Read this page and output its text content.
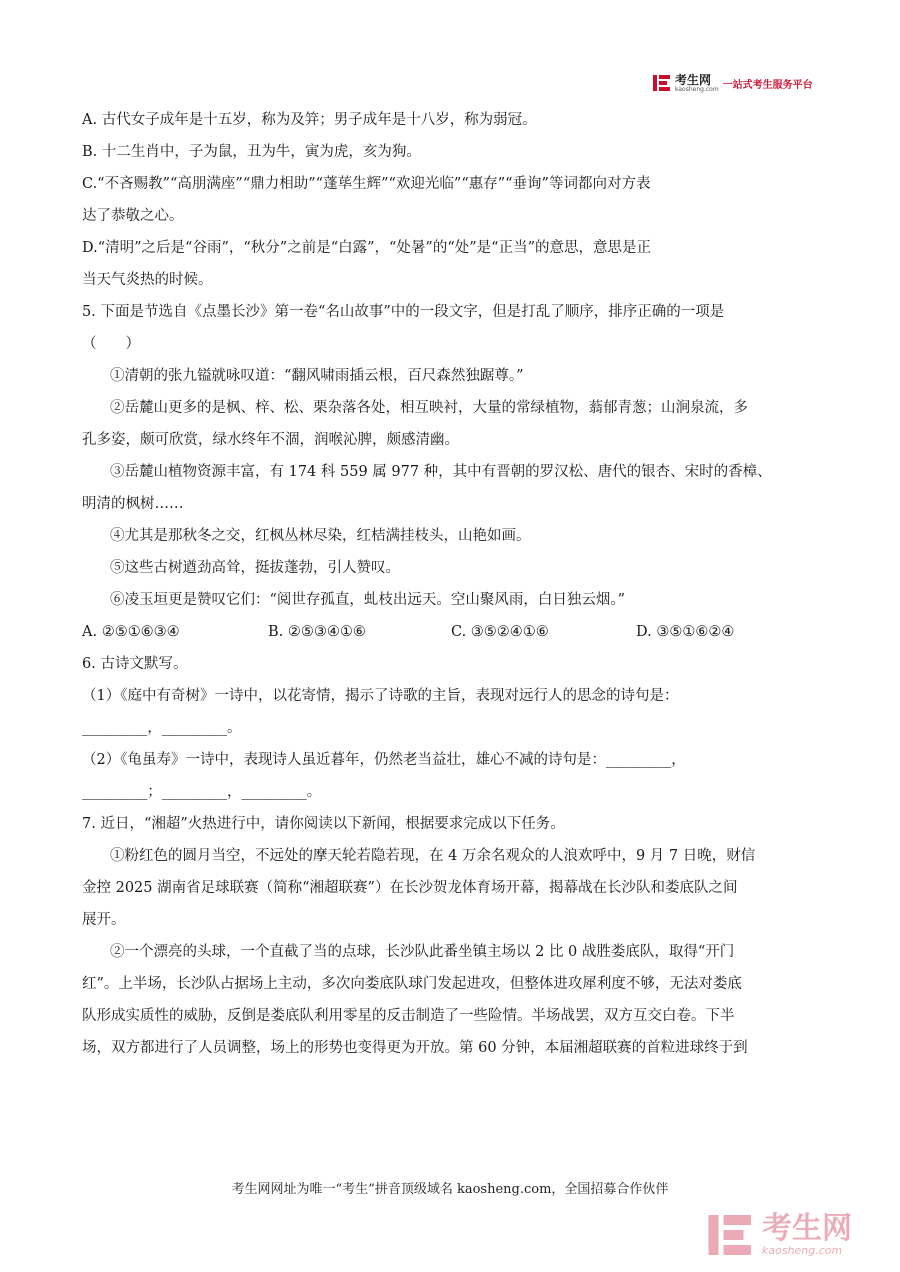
考生网
kaosheng.com 一站式考生服务平台
A. 古代女子成年是十五岁，称为及笄；男子成年是十八岁，称为弱冠。
B. 十二生肖中，子为鼠，丑为牛，寅为虎，亥为狗。
C.“不吝赐教”“高朋满座”“鼎力相助”“蓬荜生辉”“欢迎光临”“惠存”“垂询”等词都向对方表
达了恭敬之心。
D.“清明”之后是“谷雨”，“秋分”之前是“白露”，“处暑”的“处”是“正当”的意思，意思是正
当天气炎热的时候。
5. 下面是节选自《点墨长沙》第一卷“名山故事”中的一段文字，但是打乱了顺序，排序正确的一项是
（　　）
①清朝的张九镒就咏叹道：“翻风啸雨插云根，百尺森然独踞尊。”
②岳麓山更多的是枫、梓、松、栗杂落各处，相互映衬，大量的常绿植物，蓊郁青葱；山涧泉流，多
孔多姿，颇可欣赏，绿水终年不涸，润喉沁脾，颇感清幽。
③岳麓山植物资源丰富，有 174 科 559 属 977 种，其中有晋朝的罗汉松、唐代的银杏、宋时的香樟、
明清的枫树……
④尤其是那秋冬之交，红枫丛林尽染，红桔满挂枝头，山艳如画。
⑤这些古树遒劲高耸，挺拔蓬勃，引人赞叹。
⑥凌玉垣更是赞叹它们：“阅世存孤直，虬枝出远天。空山聚风雨，白日独云烟。”
A. ②⑤①⑥③④	B. ②⑤③④①⑥	C. ③⑤②④①⑥	D. ③⑤①⑥②④
6. 古诗文默写。
（1）《庭中有奇树》一诗中，以花寄情，揭示了诗歌的主旨，表现对远行人的思念的诗句是：
_________，_________。
（2）《龟虽寿》一诗中，表现诗人虽近暮年，仍然老当益壮，雄心不减的诗句是：_________，
_________；_________，_________。
7. 近日，“湘超”火热进行中，请你阅读以下新闻，根据要求完成以下任务。
①粉红色的圆月当空，不远处的摩天轮若隐若现，在 4 万余名观众的人浪欢呼中，9 月 7 日晚，财信
金控 2025 湖南省足球联赛（简称“湘超联赛”）在长沙贺龙体育场开幕，揭幕战在长沙队和娄底队之间
展开。
②一个漂亮的头球，一个直截了当的点球，长沙队此番坐镇主场以 2 比 0 战胜娄底队，取得“开门
红”。上半场，长沙队占据场上主动，多次向娄底队球门发起进攻，但整体进攻犀利度不够，无法对娄底
队形成实质性的威胁，反倒是娄底队利用零星的反击制造了一些险情。半场战罢，双方互交白卷。下半
场，双方都进行了人员调整，场上的形势也变得更为开放。第 60 分钟，本届湘超联赛的首粒进球终于到
考生网网址为唯一“考生”拼音顶级域名 kaosheng.com，全国招募合作伙伴
考生网
kaosheng.com
